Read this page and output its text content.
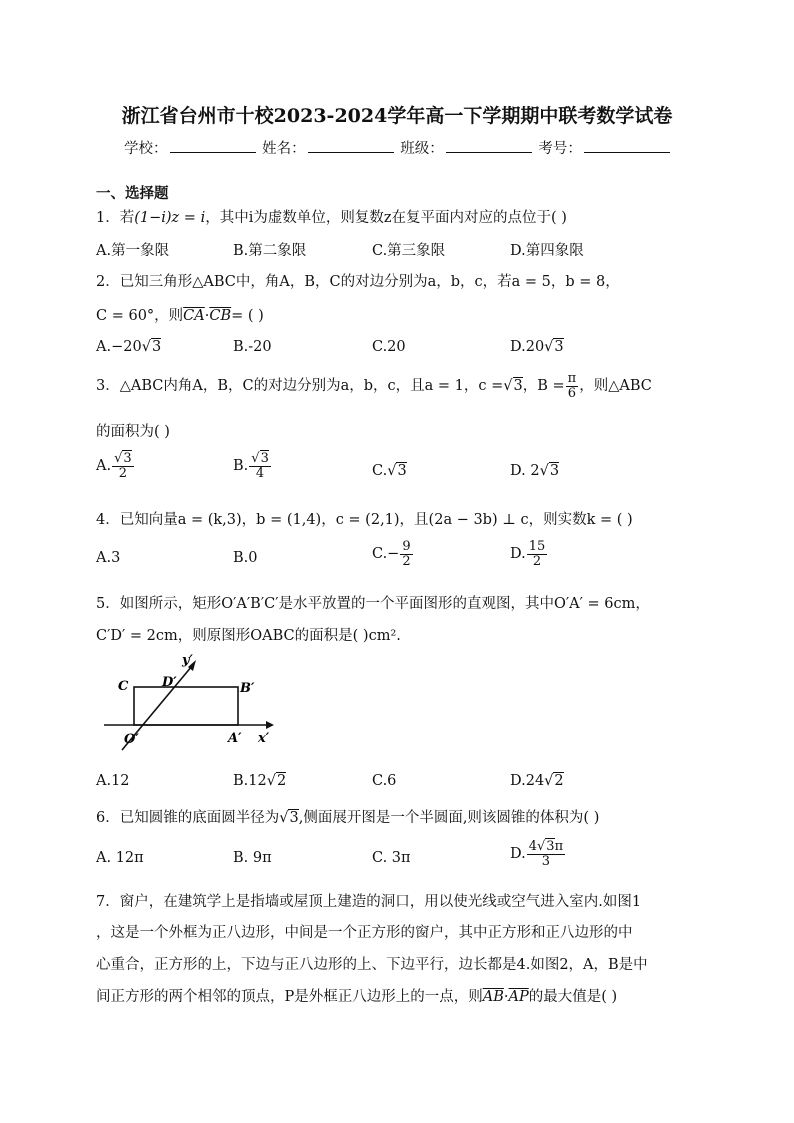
浙江省台州市十校2023-2024学年高一下学期期中联考数学试卷
学校：	姓名：	班级：	考号：
一、选择题
1．若(1−i)z = i，其中i为虚数单位，则复数z在复平面内对应的点位于( )
A.第一象限	B.第二象限	C.第三象限	D.第四象限
2．已知三角形△ABC中，角A，B，C的对边分别为a，b，c，若a = 5，b = 8，
C = 60°，则$\overline{CA}\cdot\overline{CB}=$ ( )
A.−20√3	B.-20	C.20	D.20√3
3．△ABC内角A，B，C的对边分别为a，b，c，且a = 1，c =√3，$B = \frac{\pi}{6}$ ，则△ABC
的面积为( )
A. $\frac{√3}{2}$	B. $\frac{√3}{4}$	C.√3	D. 2√3
4．已知向量a = (k,3)，b = (1,4)，c = (2,1)，且(2a − 3b) ⊥ c，则实数k = ( )
A.3	B.0	$C.- \frac{9}{2}$	D. $\frac{15}{2}$
5．如图所示，矩形O′A′B′C′是水平放置的一个平面图形的直观图，其中O′A′ = 6cm，
C′D′ = 2cm，则原图形OABC的面积是( )cm².
C	D′	B′
O′	A′ x′
y′
A.12	B.12√2	C.6	D.24√2
6．已知圆锥的底面圆半径为√3,侧面展开图是一个半圆面,则该圆锥的体积为( )
A. 12π	B. 9π	C. 3π	D. $\frac{4√3\pi}{3}$
7．窗户，在建筑学上是指墙或屋顶上建造的洞口，用以使光线或空气进入室内.如图1
，这是一个外框为正八边形，中间是一个正方形的窗户，其中正方形和正八边形的中
心重合，正方形的上，下边与正八边形的上、下边平行，边长都是4.如图2，A，B是中
间正方形的两个相邻的顶点，P是外框正八边形上的一点，则$\overline{AB}\cdot\overline{AP}$的最大值是( )
